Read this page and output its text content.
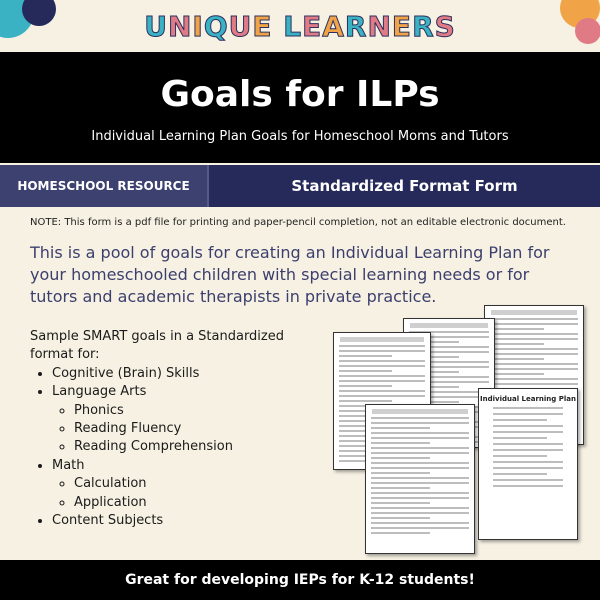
UNIQUE LEARNERS
Goals for ILPs
Individual Learning Plan Goals for Homeschool Moms and Tutors
HOMESCHOOL RESOURCE	Standardized Format Form
NOTE: This form is a pdf file for printing and paper-pencil completion, not an editable electronic document.
This is a pool of goals for creating an Individual Learning Plan for your homeschooled children with special learning needs or for tutors and academic therapists in private practice.
Sample SMART goals in a Standardized format for:
• Cognitive (Brain) Skills
• Language Arts
◦ Phonics
◦ Reading Fluency
◦ Reading Comprehension
• Math
◦ Calculation
◦ Application
• Content Subjects
Individual Learning Plan
Great for developing IEPs for K-12 students!
